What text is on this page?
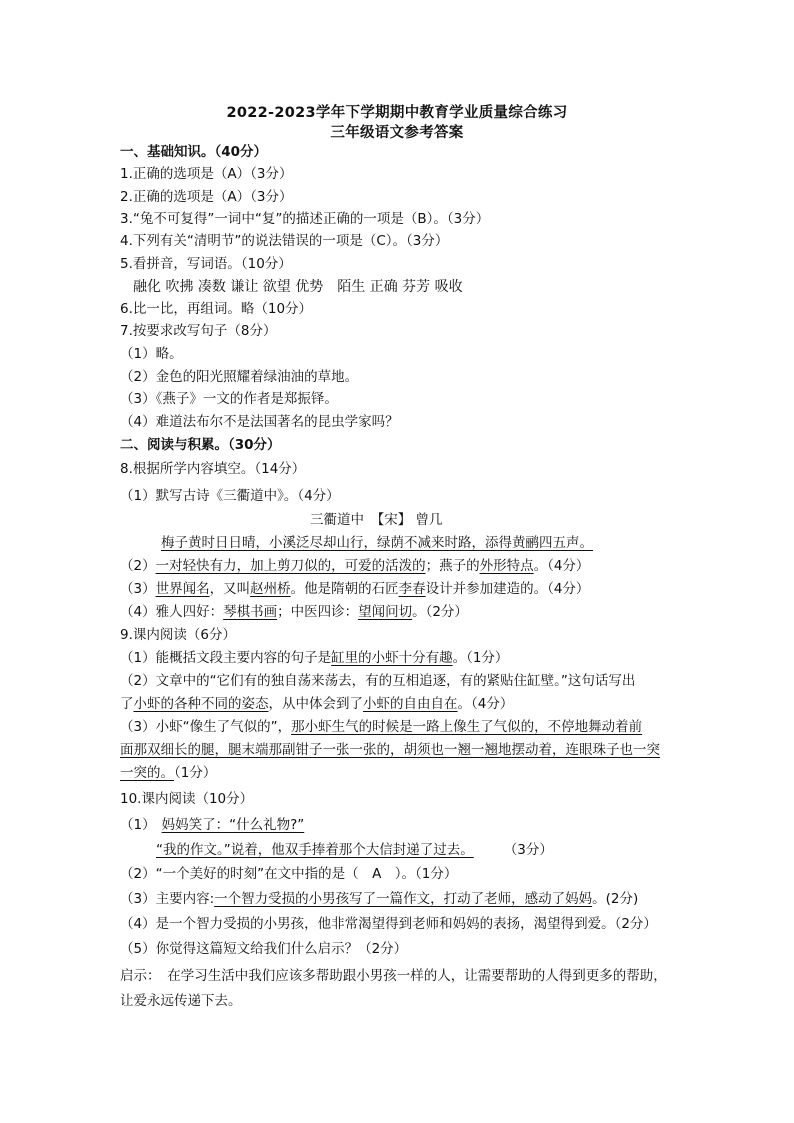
2022-2023学年下学期期中教育学业质量综合练习
三年级语文参考答案
一、基础知识。（40分）
1.正确的选项是（A）（3分）
2.正确的选项是（A）（3分）
3.“兔不可复得”一词中“复”的描述正确的一项是（B）。（3分）
4.下列有关“清明节”的说法错误的一项是（C）。（3分）
5.看拼音，写词语。（10分）
融化 吹拂 凑数 谦让 欲望 优势　陌生 正确 芬芳 吸收
6.比一比，再组词。略（10分）
7.按要求改写句子（8分）
（1）略。
（2）金色的阳光照耀着绿油油的草地。
（3）《燕子》一文的作者是郑振铎。
（4）难道法布尔不是法国著名的昆虫学家吗？
二、阅读与积累。（30分）
8.根据所学内容填空。（14分）
（1）默写古诗《三衢道中》。（4分）
三衢道中　【宋】 曾几
梅子黄时日日晴，小溪泛尽却山行，绿荫不减来时路，添得黄鹂四五声。
（2）一对轻快有力，加上剪刀似的，可爱的活泼的；燕子的外形特点。（4分）
（3）世界闻名，又叫赵州桥。他是隋朝的石匠李春设计并参加建造的。（4分）
（4）雅人四好：琴棋书画；中医四诊：望闻问切。（2分）
9.课内阅读（6分）
（1）能概括文段主要内容的句子是缸里的小虾十分有趣。（1分）
（2）文章中的“它们有的独自荡来荡去，有的互相追逐，有的紧贴住缸壁。”这句话写出
了小虾的各种不同的姿态，从中体会到了小虾的自由自在。（4分）
（3）小虾“像生了气似的”，那小虾生气的时候是一路上像生了气似的，不停地舞动着前
面那双细长的腿，腿末端那副钳子一张一张的，胡须也一翘一翘地摆动着，连眼珠子也一突
一突的。（1分）
10.课内阅读（10分）
（1） 妈妈笑了：“什么礼物?”
“我的作文。”说着，他双手捧着那个大信封递了过去。 （3分）
（2）“一个美好的时刻”在文中指的是（　A　）。（1分）
（3）主要内容:一个智力受损的小男孩写了一篇作文，打动了老师，感动了妈妈。(2分)
（4）是一个智力受损的小男孩，他非常渴望得到老师和妈妈的表扬，渴望得到爱。（2分）
（5）你觉得这篇短文给我们什么启示？（2分）
启示：　在学习生活中我们应该多帮助跟小男孩一样的人，让需要帮助的人得到更多的帮助，
让爱永远传递下去。
